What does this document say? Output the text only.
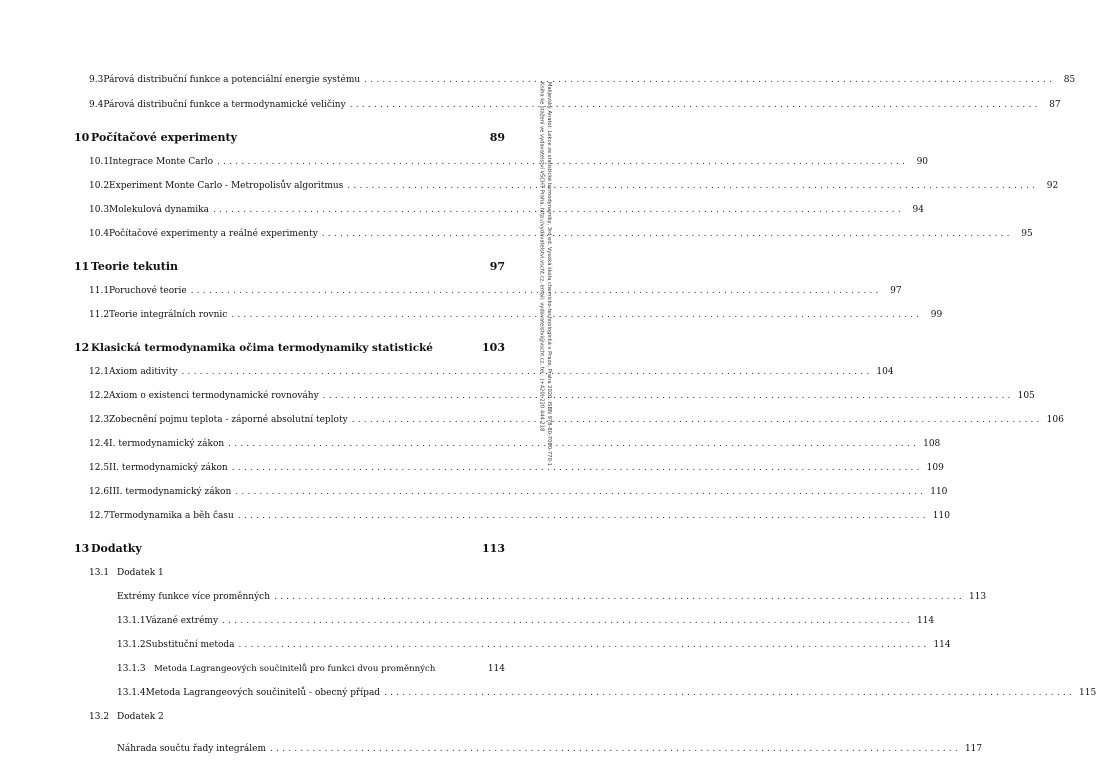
9.3 Párová distribuční funkce a potenciální energie systému .................................................................................................................. 85
9.4 Párová distribuční funkce a termodynamické veličiny .................................................................................................................. 87
10 Počítačové experimenty	89
10.1 Integrace Monte Carlo .................................................................................................................. 90
10.2 Experiment Monte Carlo - Metropolisův algoritmus .................................................................................................................. 92
10.3 Molekulová dynamika .................................................................................................................. 94
10.4 Počítačové experimenty a reálné experimenty .................................................................................................................. 95
11 Teorie tekutin	97
11.1 Poruchové teorie .................................................................................................................. 97
11.2 Teorie integrálních rovnic .................................................................................................................. 99
12 Klasická termodynamika očima termodynamiky statistické	103
12.1 Axiom aditivity .................................................................................................................. 104
12.2 Axiom o existenci termodynamické rovnováhy .................................................................................................................. 105
12.3 Zobecnění pojmu teplota - záporné absolutní teploty .................................................................................................................. 106
12.4 I. termodynamický zákon .................................................................................................................. 108
12.5 II. termodynamický zákon .................................................................................................................. 109
12.6 III. termodynamický zákon .................................................................................................................. 110
12.7 Termodynamika a běh času .................................................................................................................. 110
13 Dodatky	113
13.1 Dodatek 1
Extrémy funkce více proměnných .................................................................................................................. 113
13.1.1 Vázané extrémy .................................................................................................................. 114
13.1.2 Substituční metoda .................................................................................................................. 114
13.1.3 Metoda Lagrangeových součinitelů pro funkci dvou proměnných	114
13.1.4 Metoda Lagrangeových součinitelů - obecný případ .................................................................................................................. 115
13.2 Dodatek 2
Náhrada součtu řady integrálem .................................................................................................................. 117
Malijevský Anatol: Lekce ze statistické termodynamiky, 3rd ed. Vysoká škola chemicko-technologická v Praze, Praha 2020. ISBN 978-80-7080-770-1
Kniha ke stažení ve vydavatelství VŠCHT Praha, http://vydavatelstvi.vscht.cz, email: vydavatelstvi@vscht.cz, tel.: (+420) 220 444 218
